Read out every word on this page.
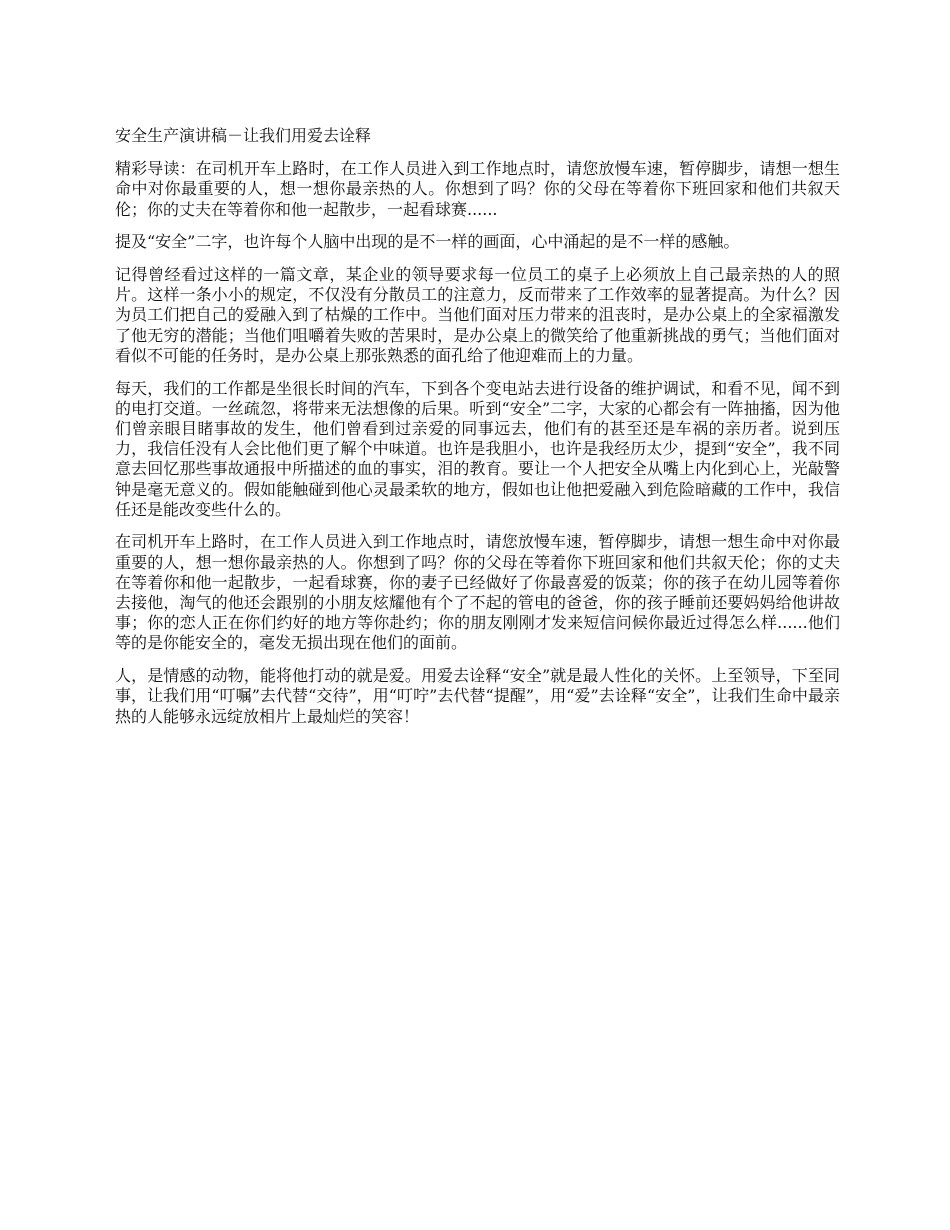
安全生产演讲稿－让我们用爱去诠释

精彩导读：在司机开车上路时，在工作人员进入到工作地点时，请您放慢车速，暂停脚步，请想一想生命中对你最重要的人，想一想你最亲热的人。你想到了吗？你的父母在等着你下班回家和他们共叙天伦；你的丈夫在等着你和他一起散步，一起看球赛......

提及“安全”二字，也许每个人脑中出现的是不一样的画面，心中涌起的是不一样的感触。

记得曾经看过这样的一篇文章，某企业的领导要求每一位员工的桌子上必须放上自己最亲热的人的照片。这样一条小小的规定，不仅没有分散员工的注意力，反而带来了工作效率的显著提高。为什么？因为员工们把自己的爱融入到了枯燥的工作中。当他们面对压力带来的沮丧时，是办公桌上的全家福激发了他无穷的潜能；当他们咀嚼着失败的苦果时，是办公桌上的微笑给了他重新挑战的勇气；当他们面对看似不可能的任务时，是办公桌上那张熟悉的面孔给了他迎难而上的力量。

每天，我们的工作都是坐很长时间的汽车，下到各个变电站去进行设备的维护调试，和看不见，闻不到的电打交道。一丝疏忽，将带来无法想像的后果。听到“安全”二字，大家的心都会有一阵抽搐，因为他们曾亲眼目睹事故的发生，他们曾看到过亲爱的同事远去，他们有的甚至还是车祸的亲历者。说到压力，我信任没有人会比他们更了解个中味道。也许是我胆小，也许是我经历太少，提到“安全”，我不同意去回忆那些事故通报中所描述的血的事实，泪的教育。要让一个人把安全从嘴上内化到心上，光敲警钟是毫无意义的。假如能触碰到他心灵最柔软的地方，假如也让他把爱融入到危险暗藏的工作中，我信任还是能改变些什么的。

在司机开车上路时，在工作人员进入到工作地点时，请您放慢车速，暂停脚步，请想一想生命中对你最重要的人，想一想你最亲热的人。你想到了吗？你的父母在等着你下班回家和他们共叙天伦；你的丈夫在等着你和他一起散步，一起看球赛，你的妻子已经做好了你最喜爱的饭菜；你的孩子在幼儿园等着你去接他，淘气的他还会跟别的小朋友炫耀他有个了不起的管电的爸爸，你的孩子睡前还要妈妈给他讲故事；你的恋人正在你们约好的地方等你赴约；你的朋友刚刚才发来短信问候你最近过得怎么样......他们等的是你能安全的，毫发无损出现在他们的面前。

人，是情感的动物，能将他打动的就是爱。用爱去诠释“安全”就是最人性化的关怀。上至领导，下至同事，让我们用“叮嘱”去代替“交待”，用“叮咛”去代替“提醒”，用“爱”去诠释“安全”，让我们生命中最亲热的人能够永远绽放相片上最灿烂的笑容！
